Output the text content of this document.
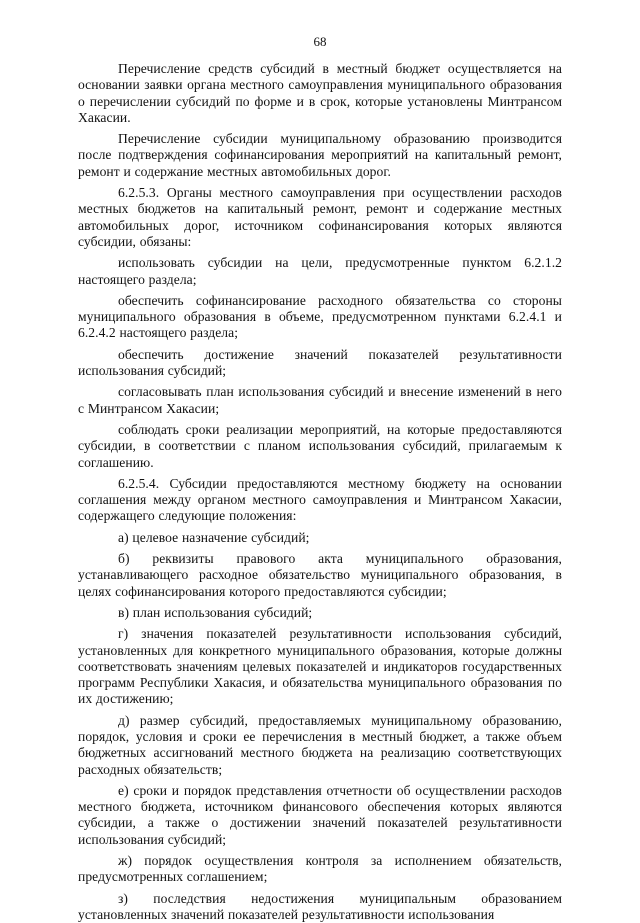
68

Перечисление средств субсидий в местный бюджет осуществляется на основании заявки органа местного самоуправления муниципального образования о перечислении субсидий по форме и в срок, которые установлены Минтрансом Хакасии.

Перечисление субсидии муниципальному образованию производится после подтверждения софинансирования мероприятий на капитальный ремонт, ремонт и содержание местных автомобильных дорог.

6.2.5.3. Органы местного самоуправления при осуществлении расходов местных бюджетов на капитальный ремонт, ремонт и содержание местных автомобильных дорог, источником софинансирования которых являются субсидии, обязаны:

использовать субсидии на цели, предусмотренные пунктом 6.2.1.2 настоящего раздела;

обеспечить софинансирование расходного обязательства со стороны муниципального образования в объеме, предусмотренном пунктами 6.2.4.1 и 6.2.4.2 настоящего раздела;

обеспечить достижение значений показателей результативности использования субсидий;

согласовывать план использования субсидий и внесение изменений в него с Минтрансом Хакасии;

соблюдать сроки реализации мероприятий, на которые предоставляются субсидии, в соответствии с планом использования субсидий, прилагаемым к соглашению.

6.2.5.4. Субсидии предоставляются местному бюджету на основании соглашения между органом местного самоуправления и Минтрансом Хакасии, содержащего следующие положения:

а) целевое назначение субсидий;

б) реквизиты правового акта муниципального образования, устанавливающего расходное обязательство муниципального образования, в целях софинансирования которого предоставляются субсидии;

в) план использования субсидий;

г) значения показателей результативности использования субсидий, установленных для конкретного муниципального образования, которые должны соответствовать значениям целевых показателей и индикаторов государственных программ Республики Хакасия, и обязательства муниципального образования по их достижению;

д) размер субсидий, предоставляемых муниципальному образованию, порядок, условия и сроки ее перечисления в местный бюджет, а также объем бюджетных ассигнований местного бюджета на реализацию соответствующих расходных обязательств;

е) сроки и порядок представления отчетности об осуществлении расходов местного бюджета, источником финансового обеспечения которых являются субсидии, а также о достижении значений показателей результативности использования субсидий;

ж) порядок осуществления контроля за исполнением обязательств, предусмотренных соглашением;

з) последствия недостижения муниципальным образованием установленных значений показателей результативности использования
